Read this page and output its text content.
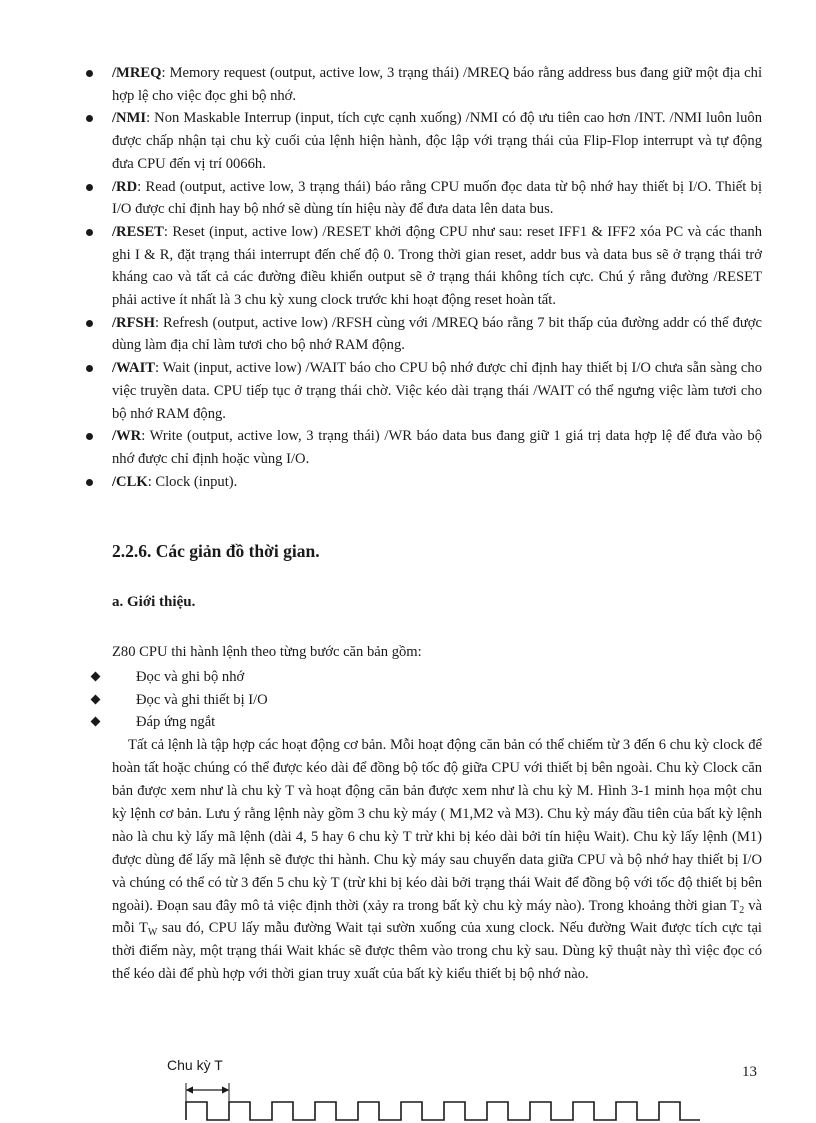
/MREQ: Memory request (output, active low, 3 trạng thái) /MREQ báo rằng address bus đang giữ một địa chỉ hợp lệ cho việc đọc ghi bộ nhớ.
/NMI: Non Maskable Interrup (input, tích cực cạnh xuống) /NMI có độ ưu tiên cao hơn /INT. /NMI luôn luôn được chấp nhận tại chu kỳ cuối của lệnh hiện hành, độc lập với trạng thái của Flip-Flop interrupt và tự động đưa CPU đến vị trí 0066h.
/RD: Read (output, active low, 3 trạng thái) báo rằng CPU muốn đọc data từ bộ nhớ hay thiết bị I/O. Thiết bị I/O được chỉ định hay bộ nhớ sẽ dùng tín hiệu này để đưa data lên data bus.
/RESET: Reset (input, active low) /RESET khởi động CPU như sau: reset IFF1 & IFF2 xóa PC và các thanh ghi I & R, đặt trạng thái interrupt đến chế độ 0. Trong thời gian reset, addr bus và data bus sẽ ở trạng thái trở kháng cao và tất cả các đường điều khiển output sẽ ở trạng thái không tích cực. Chú ý rằng đường /RESET phải active ít nhất là 3 chu kỳ xung clock trước khi hoạt động reset hoàn tất.
/RFSH: Refresh (output, active low) /RFSH cùng với /MREQ báo rằng 7 bit thấp của đường addr có thể được dùng làm địa chỉ làm tươi cho bộ nhớ RAM động.
/WAIT: Wait (input, active low) /WAIT báo cho CPU bộ nhớ được chỉ định hay thiết bị I/O chưa sẵn sàng cho việc truyền data. CPU tiếp tục ở trạng thái chờ. Việc kéo dài trạng thái /WAIT có thể ngưng việc làm tươi cho bộ nhớ RAM động.
/WR: Write (output, active low, 3 trạng thái) /WR báo data bus đang giữ 1 giá trị data hợp lệ để đưa vào bộ nhớ được chỉ định hoặc vùng I/O.
/CLK: Clock (input).
2.2.6. Các giản đồ thời gian.
a. Giới thiệu.
Z80 CPU thi hành lệnh theo từng bước căn bản gồm:
Đọc và ghi bộ nhớ
Đọc và ghi thiết bị I/O
Đáp ứng ngắt

Tất cả lệnh là tập hợp các hoạt động cơ bản. Mỗi hoạt động căn bản có thể chiếm từ 3 đến 6 chu kỳ clock để hoàn tất hoặc chúng có thể được kéo dài để đồng bộ tốc độ giữa CPU với thiết bị bên ngoài. Chu kỳ Clock căn bản được xem như là chu kỳ T và hoạt động căn bản được xem như là chu kỳ M. Hình 3-1 minh họa một chu kỳ lệnh cơ bản. Lưu ý rằng lệnh này gồm 3 chu kỳ máy ( M1,M2 và M3). Chu kỳ máy đầu tiên của bất kỳ lệnh nào là chu kỳ lấy mã lệnh (dài 4, 5 hay 6 chu kỳ T trừ khi bị kéo dài bởi tín hiệu Wait). Chu kỳ lấy lệnh (M1) được dùng để lấy mã lệnh sẽ được thi hành. Chu kỳ máy sau chuyển data giữa CPU và bộ nhớ hay thiết bị I/O và chúng có thể có từ 3 đến 5 chu kỳ T (trừ khi bị kéo dài bởi trạng thái Wait để đồng bộ với tốc độ thiết bị bên ngoài). Đoạn sau đây mô tả việc định thời (xảy ra trong bất kỳ chu kỳ máy nào). Trong khoảng thời gian $T_2$ và mỗi $T_W$ sau đó, CPU lấy mẫu đường Wait tại sườn xuống của xung clock. Nếu đường Wait được tích cực tại thời điểm này, một trạng thái Wait khác sẽ được thêm vào trong chu kỳ sau. Dùng kỹ thuật này thì việc đọc có thể kéo dài để phù hợp với thời gian truy xuất của bất kỳ kiểu thiết bị bộ nhớ nào.

Chu kỳ T	13
